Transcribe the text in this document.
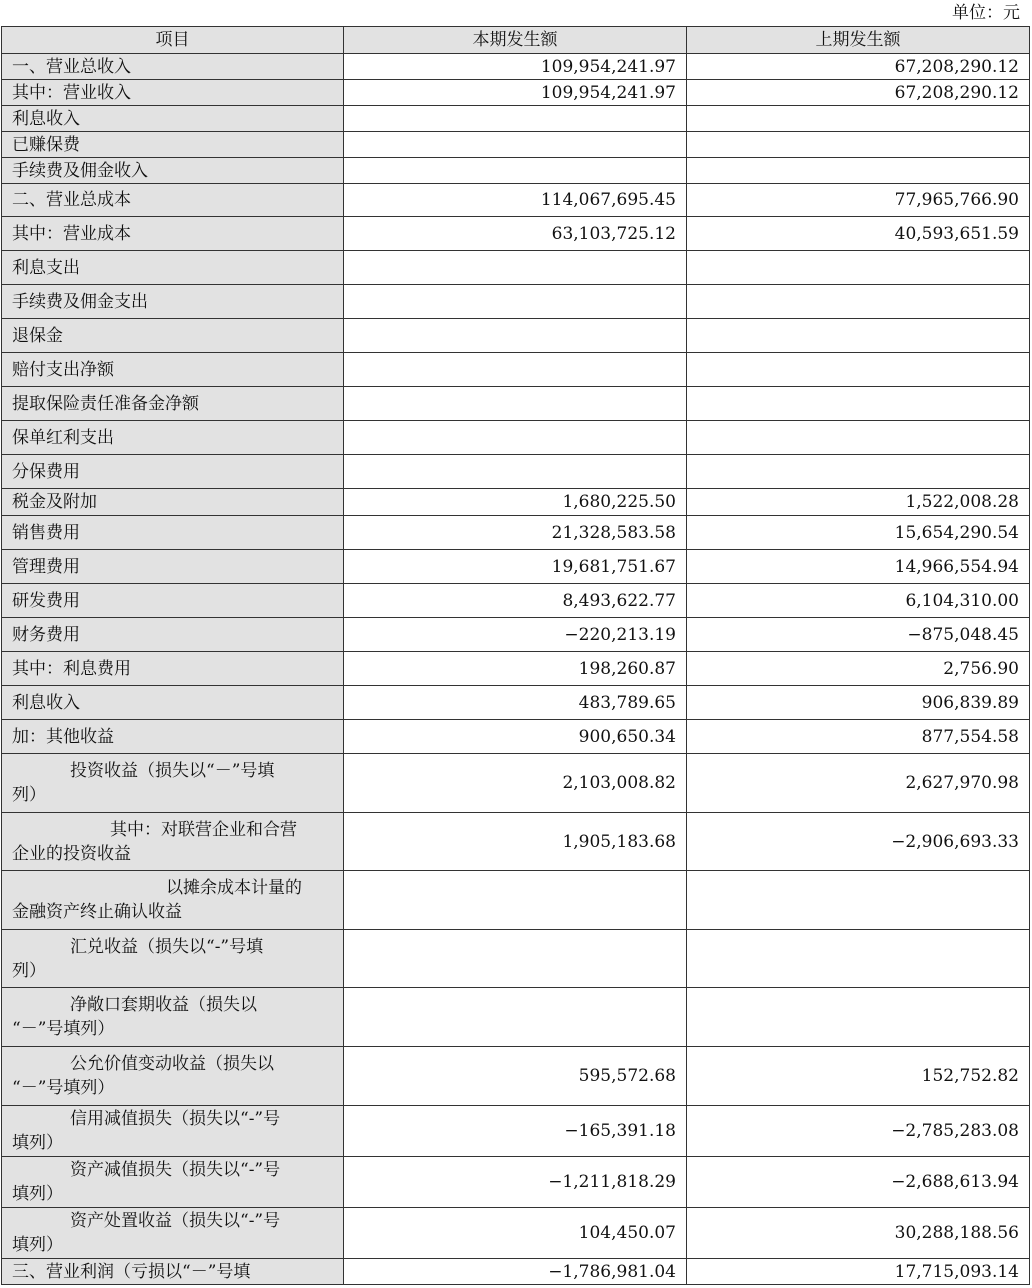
单位：元
项目	本期发生额	上期发生额
一、营业总收入	109,954,241.97	67,208,290.12
其中：营业收入	109,954,241.97	67,208,290.12
利息收入		
已赚保费		
手续费及佣金收入		
二、营业总成本	114,067,695.45	77,965,766.90
其中：营业成本	63,103,725.12	40,593,651.59
利息支出		
手续费及佣金支出		
退保金		
赔付支出净额		
提取保险责任准备金净额		
保单红利支出		
分保费用		
税金及附加	1,680,225.50	1,522,008.28
销售费用	21,328,583.58	15,654,290.54
管理费用	19,681,751.67	14,966,554.94
研发费用	8,493,622.77	6,104,310.00
财务费用	−220,213.19	−875,048.45
其中：利息费用	198,260.87	2,756.90
利息收入	483,789.65	906,839.89
加：其他收益	900,650.34	877,554.58

投资收益（损失以“－”号填
列）	2,103,008.82	2,627,970.98

其中：对联营企业和合营
企业的投资收益	1,905,183.68	−2,906,693.33

以摊余成本计量的
金融资产终止确认收益		

汇兑收益（损失以“-”号填
列）		

净敞口套期收益（损失以
“－”号填列）		

公允价值变动收益（损失以
“－”号填列）	595,572.68	152,752.82

信用减值损失（损失以“-”号
填列）	−165,391.18	−2,785,283.08

资产减值损失（损失以“-”号
填列）	−1,211,818.29	−2,688,613.94

资产处置收益（损失以“-”号
填列）	104,450.07	30,288,188.56
三、营业利润（亏损以“－”号填	−1,786,981.04	17,715,093.14
